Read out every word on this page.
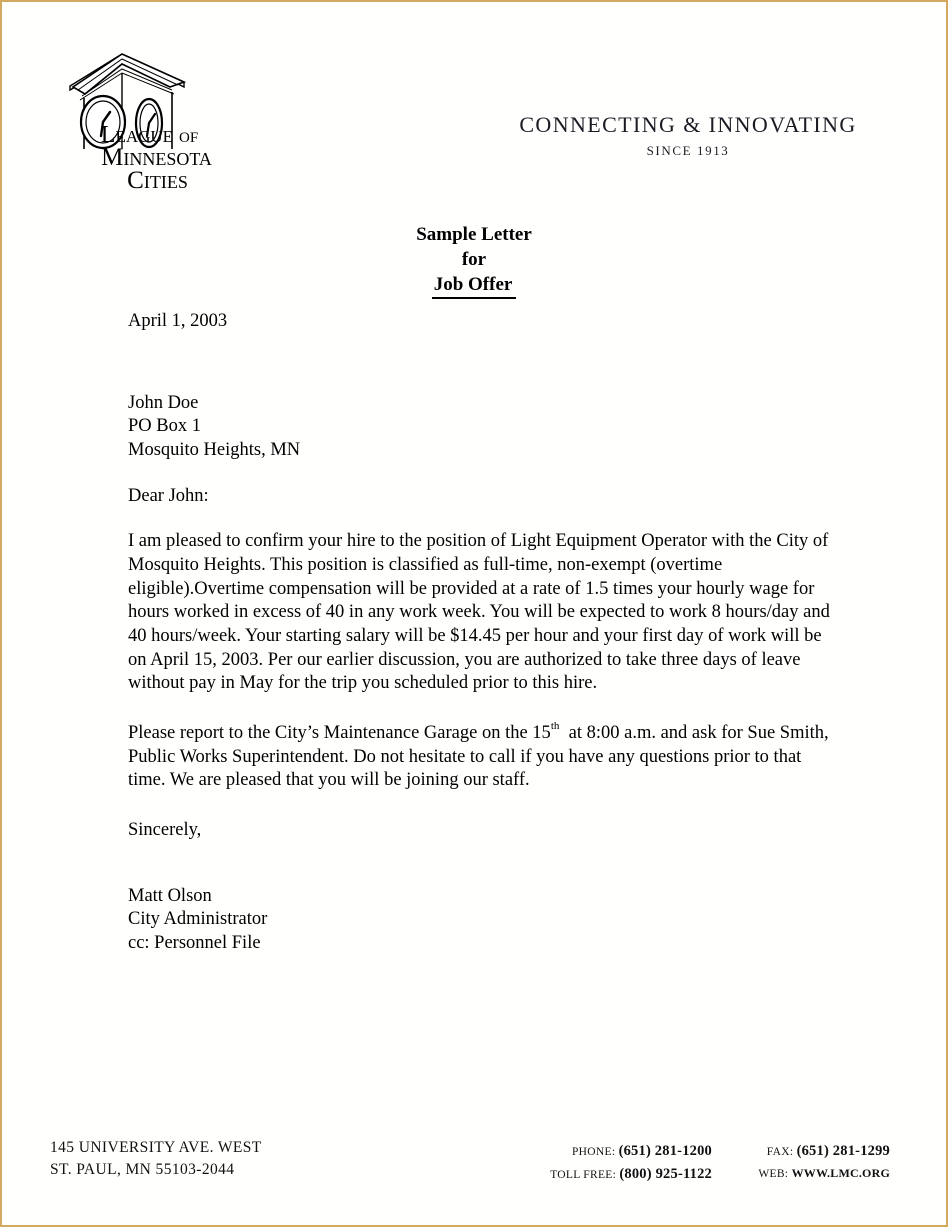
LEAGUE OF
MINNESOTA
CITIES
CONNECTING & INNOVATING
SINCE 1913
Sample Letter
for
Job Offer

April 1, 2003

John Doe

PO Box 1

Mosquito Heights, MN

Dear John:

I am pleased to confirm your hire to the position of Light Equipment Operator with the City of Mosquito Heights. This position is classified as full-time, non-exempt (overtime
eligible).Overtime compensation will be provided at a rate of 1.5 times your hourly wage for hours worked in excess of 40 in any work week. You will be expected to work 8 hours/day and 40 hours/week. Your starting salary will be $14.45 per hour and your first day of work will be on April 15, 2003. Per our earlier discussion, you are authorized to take three days of leave without pay in May for the trip you scheduled prior to this hire.

Please report to the City’s Maintenance Garage on the 15th at 8:00 a.m. and ask for Sue Smith, Public Works Superintendent. Do not hesitate to call if you have any questions prior to that time. We are pleased that you will be joining our staff.

Sincerely,

Matt Olson

City Administrator

cc: Personnel File

145 UNIVERSITY AVE. WEST
ST. PAUL, MN 55103-2044
PHONE: (651) 281-1200	FAX: (651) 281-1299
TOLL FREE: (800) 925-1122	WEB: WWW.LMC.ORG
